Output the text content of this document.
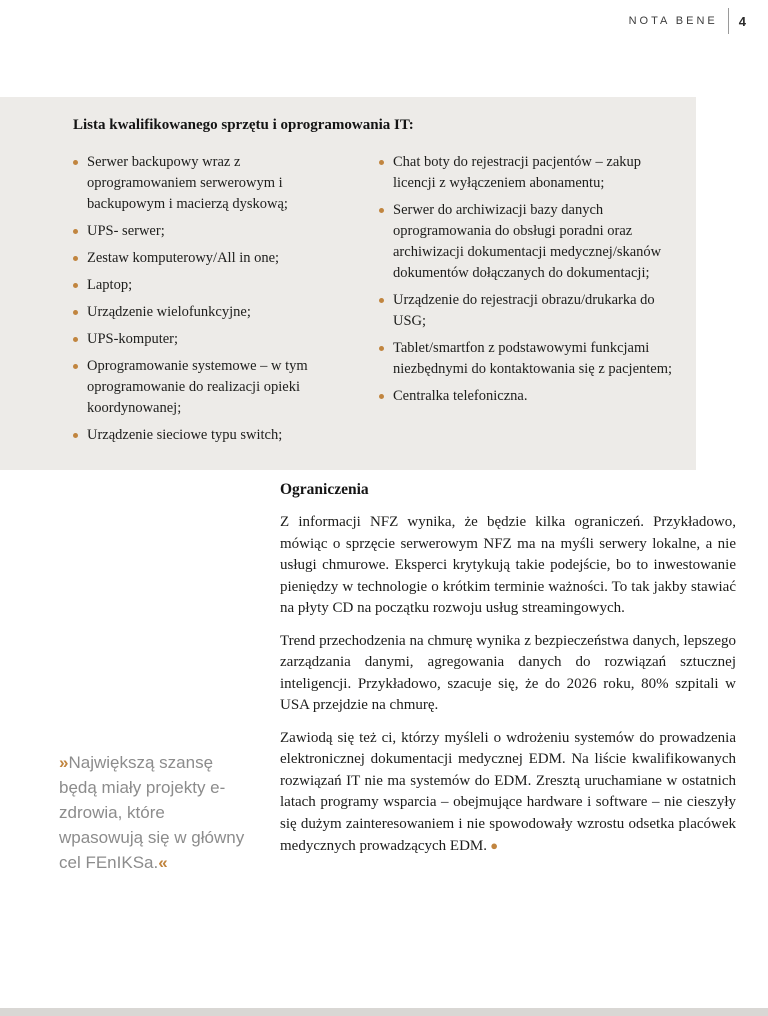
NOTA BENE 4
Lista kwalifikowanego sprzętu i oprogramowania IT:
Serwer backupowy wraz z oprogramowaniem serwerowym i backupowym i macierzą dyskową;
UPS- serwer;
Zestaw komputerowy/All in one;
Laptop;
Urządzenie wielofunkcyjne;
UPS-komputer;
Oprogramowanie systemowe – w tym oprogramowanie do realizacji opieki koordynowanej;
Urządzenie sieciowe typu switch;
Chat boty do rejestracji pacjentów – zakup licencji z wyłączeniem abonamentu;
Serwer do archiwizacji bazy danych oprogramowania do obsługi poradni oraz archiwizacji dokumentacji medycznej/skanów dokumentów dołączanych do dokumentacji;
Urządzenie do rejestracji obrazu/drukarka do USG;
Tablet/smartfon z podstawowymi funkcjami niezbędnymi do kontaktowania się z pacjentem;
Centralka telefoniczna.
»Największą szansę będą miały projekty e-zdrowia, które wpasowują się w główny cel FEnIKSa.«
Ograniczenia

Z informacji NFZ wynika, że będzie kilka ograniczeń. Przykładowo, mówiąc o sprzęcie serwerowym NFZ ma na myśli serwery lokalne, a nie usługi chmurowe. Eksperci krytykują takie podejście, bo to inwestowanie pieniędzy w technologie o krótkim terminie ważności. To tak jakby stawiać na płyty CD na początku rozwoju usług streamingowych.

Trend przechodzenia na chmurę wynika z bezpieczeństwa danych, lepszego zarządzania danymi, agregowania danych do rozwiązań sztucznej inteligencji. Przykładowo, szacuje się, że do 2026 roku, 80% szpitali w USA przejdzie na chmurę.

Zawiodą się też ci, którzy myśleli o wdrożeniu systemów do prowadzenia elektronicznej dokumentacji medycznej EDM. Na liście kwalifikowanych rozwiązań IT nie ma systemów do EDM. Zresztą uruchamiane w ostatnich latach programy wsparcia – obejmujące hardware i software – nie cieszyły się dużym zainteresowaniem i nie spowodowały wzrostu odsetka placówek medycznych prowadzących EDM. ●
